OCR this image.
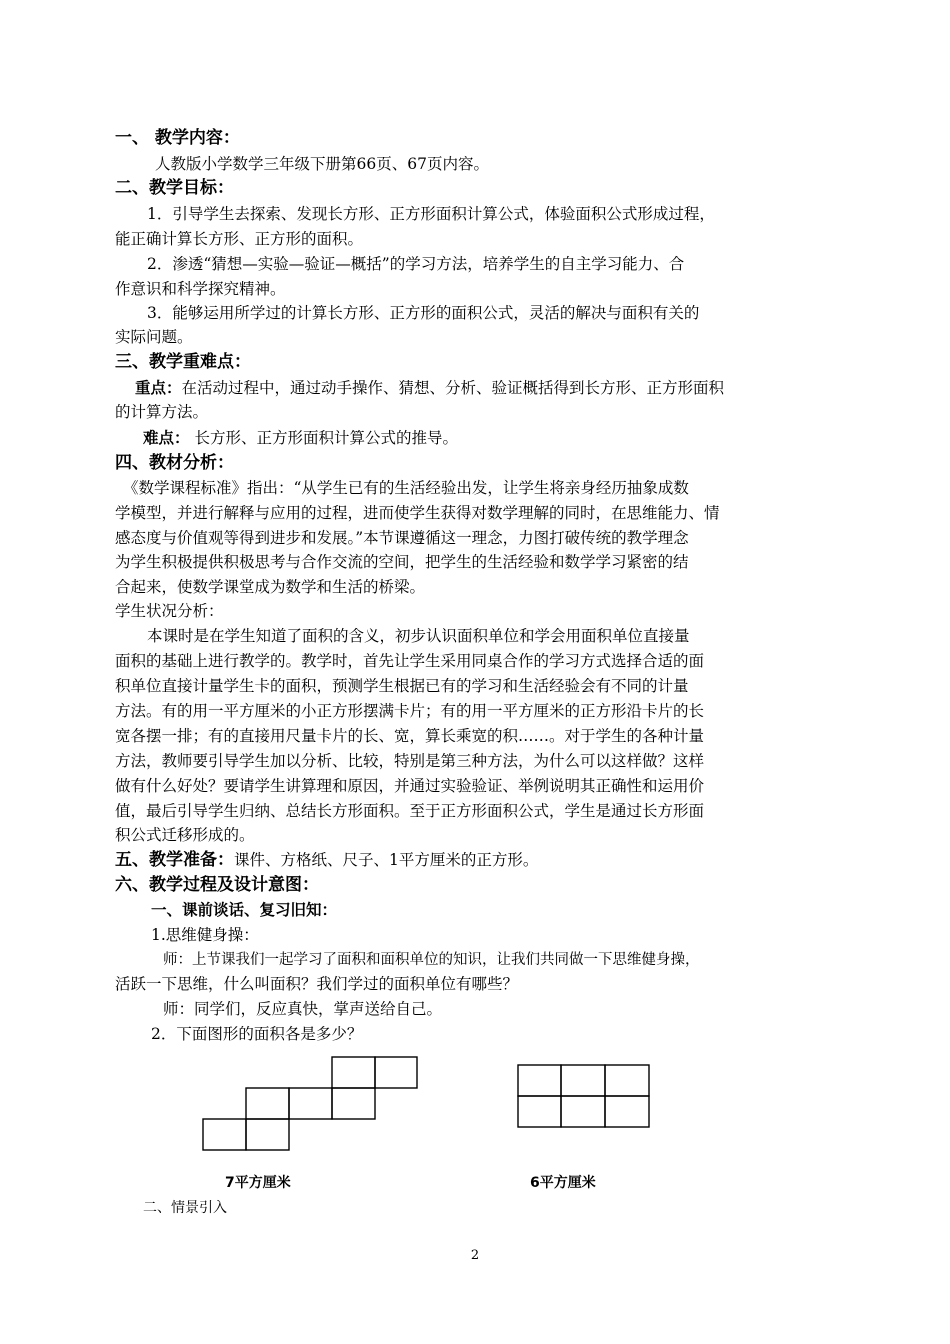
一、 教学内容：
人教版小学数学三年级下册第66页、67页内容。
二、教学目标：
1．引导学生去探索、发现长方形、正方形面积计算公式，体验面积公式形成过程，
能正确计算长方形、正方形的面积。
2．渗透“猜想—实验—验证—概括”的学习方法，培养学生的自主学习能力、合
作意识和科学探究精神。
3．能够运用所学过的计算长方形、正方形的面积公式，灵活的解决与面积有关的
实际问题。
三、教学重难点：
重点：在活动过程中，通过动手操作、猜想、分析、验证概括得到长方形、正方形面积
的计算方法。
难点： 长方形、正方形面积计算公式的推导。
四、教材分析：
《数学课程标准》指出：“从学生已有的生活经验出发，让学生将亲身经历抽象成数
学模型，并进行解释与应用的过程，进而使学生获得对数学理解的同时，在思维能力、情
感态度与价值观等得到进步和发展。”本节课遵循这一理念，力图打破传统的教学理念
为学生积极提供积极思考与合作交流的空间，把学生的生活经验和数学学习紧密的结
合起来，使数学课堂成为数学和生活的桥梁。
学生状况分析：
本课时是在学生知道了面积的含义，初步认识面积单位和学会用面积单位直接量
面积的基础上进行教学的。教学时，首先让学生采用同桌合作的学习方式选择合适的面
积单位直接计量学生卡的面积，预测学生根据已有的学习和生活经验会有不同的计量
方法。有的用一平方厘米的小正方形摆满卡片；有的用一平方厘米的正方形沿卡片的长
宽各摆一排；有的直接用尺量卡片的长、宽，算长乘宽的积……。对于学生的各种计量
方法，教师要引导学生加以分析、比较，特别是第三种方法，为什么可以这样做？这样
做有什么好处？要请学生讲算理和原因，并通过实验验证、举例说明其正确性和运用价
值，最后引导学生归纳、总结长方形面积。至于正方形面积公式，学生是通过长方形面
积公式迁移形成的。
五、教学准备：课件、方格纸、尺子、1平方厘米的正方形。
六、教学过程及设计意图：
一、课前谈话、复习旧知：
1.思维健身操：
师：上节课我们一起学习了面积和面积单位的知识，让我们共同做一下思维健身操，
活跃一下思维，什么叫面积？我们学过的面积单位有哪些？
师：同学们，反应真快，掌声送给自己。
2．下面图形的面积各是多少？
7平方厘米	6平方厘米
二、情景引入
2
